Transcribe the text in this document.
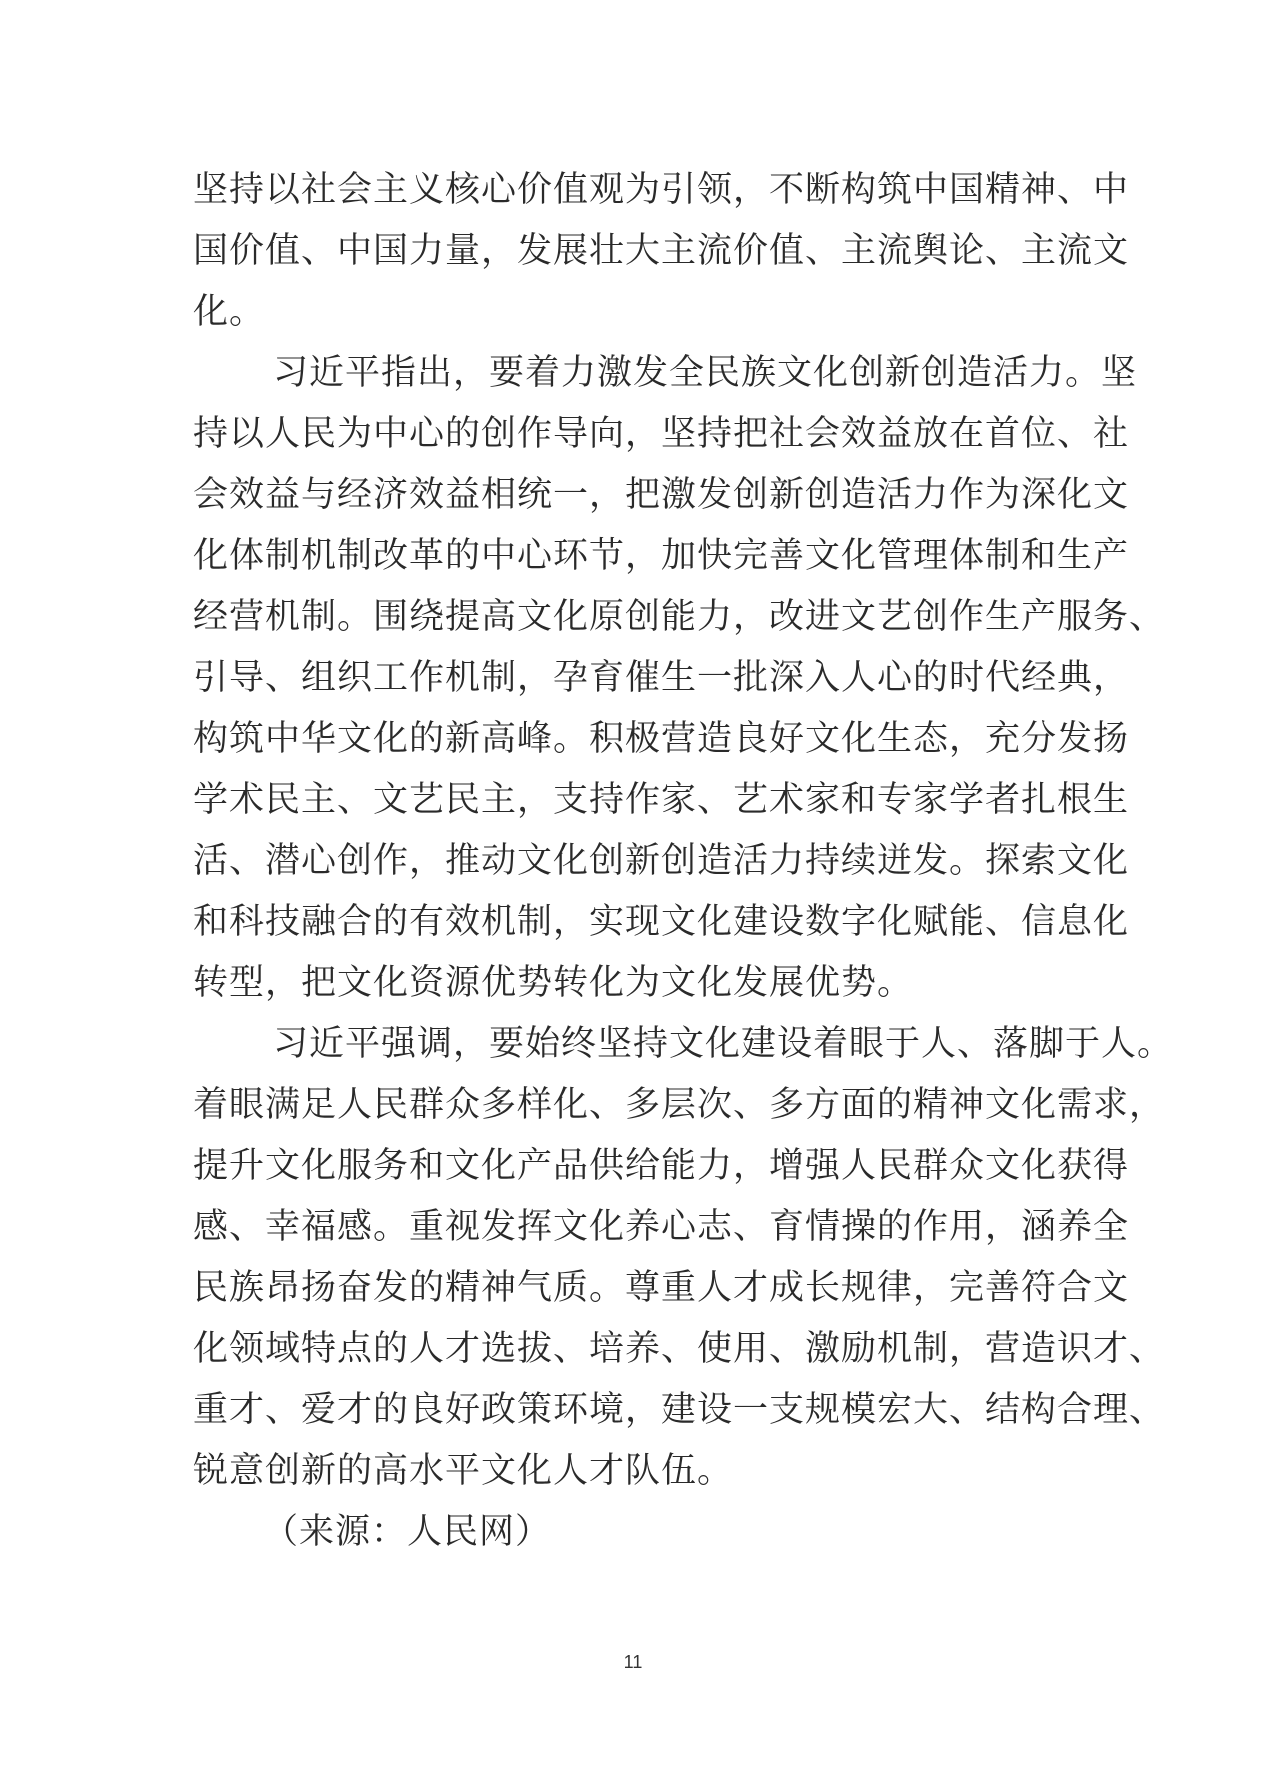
坚持以社会主义核心价值观为引领，不断构筑中国精神、中
国价值、中国力量，发展壮大主流价值、主流舆论、主流文
化。
习近平指出，要着力激发全民族文化创新创造活力。坚
持以人民为中心的创作导向，坚持把社会效益放在首位、社
会效益与经济效益相统一，把激发创新创造活力作为深化文
化体制机制改革的中心环节，加快完善文化管理体制和生产
经营机制。围绕提高文化原创能力，改进文艺创作生产服务、
引导、组织工作机制，孕育催生一批深入人心的时代经典，
构筑中华文化的新高峰。积极营造良好文化生态，充分发扬
学术民主、文艺民主，支持作家、艺术家和专家学者扎根生
活、潜心创作，推动文化创新创造活力持续迸发。探索文化
和科技融合的有效机制，实现文化建设数字化赋能、信息化
转型，把文化资源优势转化为文化发展优势。
习近平强调，要始终坚持文化建设着眼于人、落脚于人。
着眼满足人民群众多样化、多层次、多方面的精神文化需求，
提升文化服务和文化产品供给能力，增强人民群众文化获得
感、幸福感。重视发挥文化养心志、育情操的作用，涵养全
民族昂扬奋发的精神气质。尊重人才成长规律，完善符合文
化领域特点的人才选拔、培养、使用、激励机制，营造识才、
重才、爱才的良好政策环境，建设一支规模宏大、结构合理、
锐意创新的高水平文化人才队伍。
（来源：人民网）
11
